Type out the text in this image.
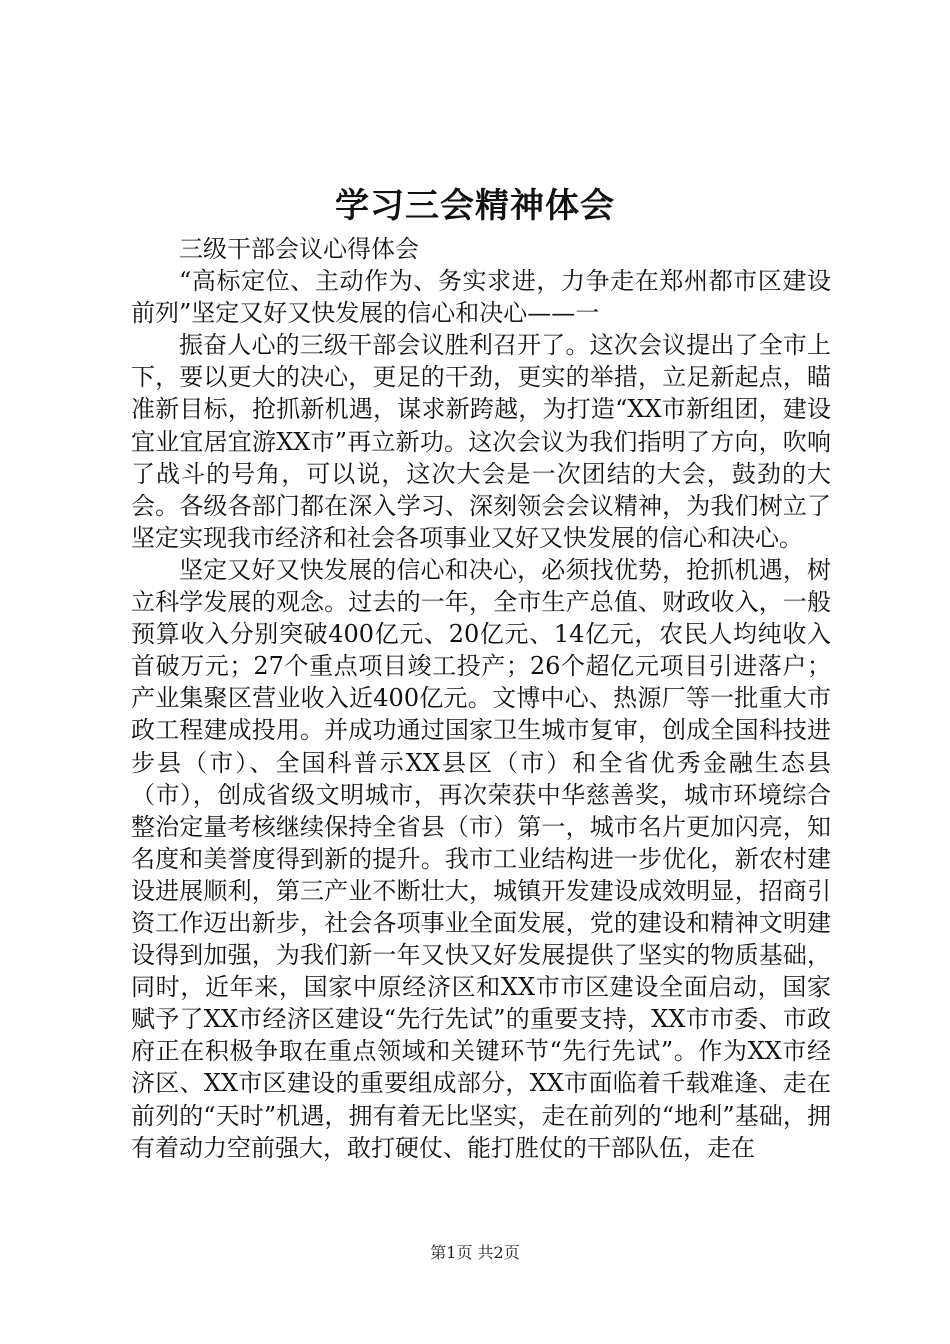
学习三会精神体会

三级干部会议心得体会

“高标定位、主动作为、务实求进，力争走在郑州都市区建设前列”坚定又好又快发展的信心和决心——一

振奋人心的三级干部会议胜利召开了。这次会议提出了全市上下，要以更大的决心，更足的干劲，更实的举措，立足新起点，瞄准新目标，抢抓新机遇，谋求新跨越，为打造“XX市新组团，建设宜业宜居宜游XX市”再立新功。这次会议为我们指明了方向，吹响了战斗的号角，可以说，这次大会是一次团结的大会，鼓劲的大会。各级各部门都在深入学习、深刻领会会议精神，为我们树立了坚定实现我市经济和社会各项事业又好又快发展的信心和决心。

坚定又好又快发展的信心和决心，必须找优势，抢抓机遇，树立科学发展的观念。过去的一年，全市生产总值、财政收入，一般预算收入分别突破400亿元、20亿元、14亿元，农民人均纯收入首破万元；27个重点项目竣工投产；26个超亿元项目引进落户；产业集聚区营业收入近400亿元。文博中心、热源厂等一批重大市政工程建成投用。并成功通过国家卫生城市复审，创成全国科技进步县（市）、全国科普示XX县区（市）和全省优秀金融生态县（市），创成省级文明城市，再次荣获中华慈善奖，城市环境综合整治定量考核继续保持全省县（市）第一，城市名片更加闪亮，知名度和美誉度得到新的提升。我市工业结构进一步优化，新农村建设进展顺利，第三产业不断壮大，城镇开发建设成效明显，招商引资工作迈出新步，社会各项事业全面发展，党的建设和精神文明建设得到加强，为我们新一年又快又好发展提供了坚实的物质基础，同时，近年来，国家中原经济区和XX市市区建设全面启动，国家赋予了XX市经济区建设“先行先试”的重要支持，XX市市委、市政府正在积极争取在重点领域和关键环节“先行先试”。作为XX市经济区、XX市区建设的重要组成部分，XX市面临着千载难逢、走在前列的“天时”机遇，拥有着无比坚实，走在前列的“地利”基础，拥有着动力空前强大，敢打硬仗、能打胜仗的干部队伍，走在

第1页 共2页
